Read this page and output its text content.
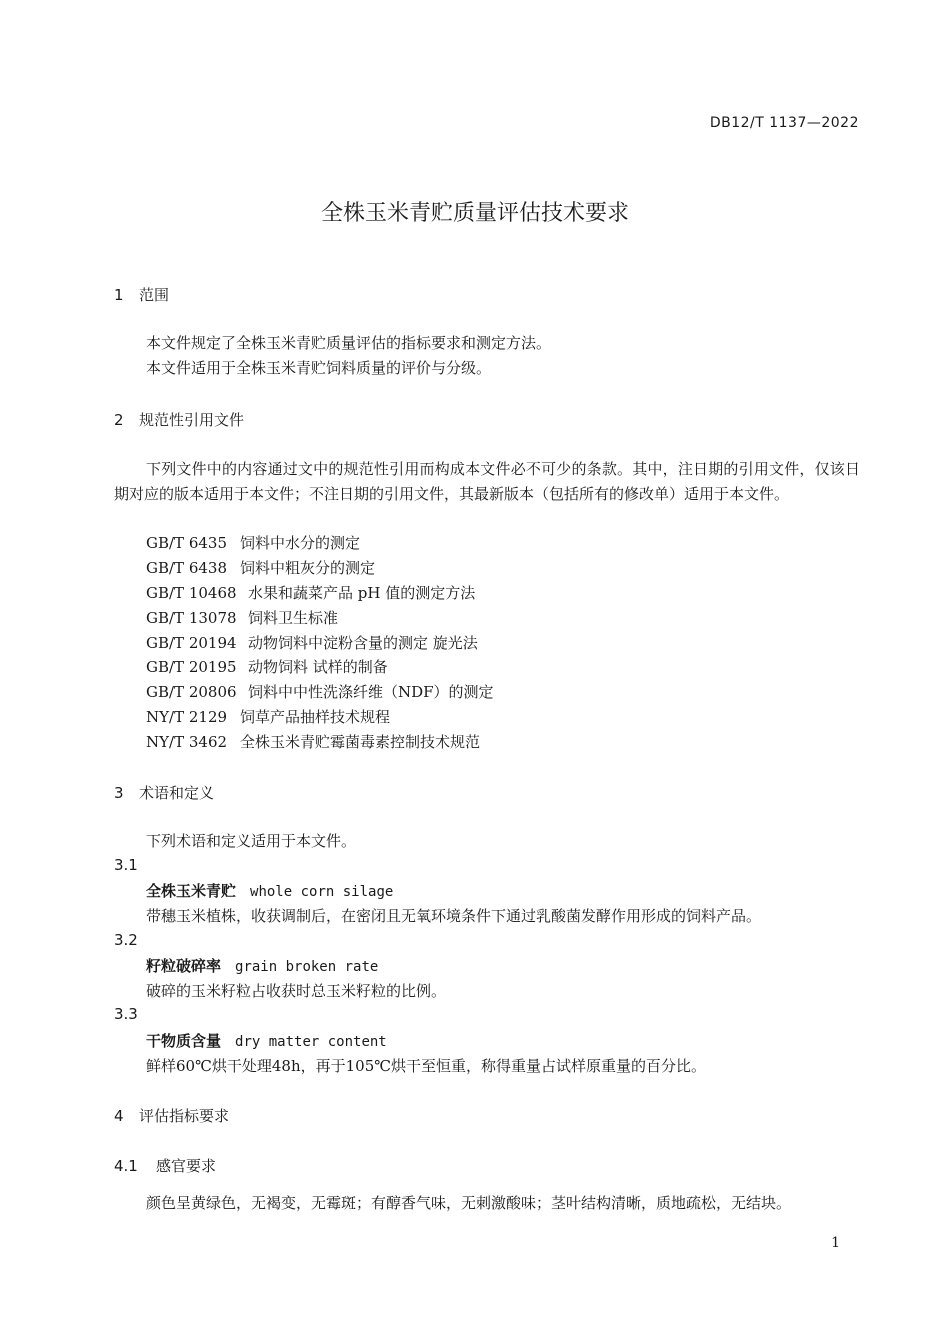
DB12/T 1137—2022
全株玉米青贮质量评估技术要求
1 范围
本文件规定了全株玉米青贮质量评估的指标要求和测定方法。
本文件适用于全株玉米青贮饲料质量的评价与分级。
2 规范性引用文件
下列文件中的内容通过文中的规范性引用而构成本文件必不可少的条款。其中，注日期的引用文件，仅该日期对应的版本适用于本文件；不注日期的引用文件，其最新版本（包括所有的修改单）适用于本文件。
GB/T 6435 饲料中水分的测定
GB/T 6438 饲料中粗灰分的测定
GB/T 10468 水果和蔬菜产品 pH 值的测定方法
GB/T 13078 饲料卫生标准
GB/T 20194 动物饲料中淀粉含量的测定 旋光法
GB/T 20195 动物饲料 试样的制备
GB/T 20806 饲料中中性洗涤纤维（NDF）的测定
NY/T 2129 饲草产品抽样技术规程
NY/T 3462 全株玉米青贮霉菌毒素控制技术规范
3 术语和定义
下列术语和定义适用于本文件。
3.1
全株玉米青贮 whole corn silage
带穗玉米植株，收获调制后，在密闭且无氧环境条件下通过乳酸菌发酵作用形成的饲料产品。
3.2
籽粒破碎率 grain broken rate
破碎的玉米籽粒占收获时总玉米籽粒的比例。
3.3
干物质含量 dry matter content
鲜样60℃烘干处理48h，再于105℃烘干至恒重，称得重量占试样原重量的百分比。
4 评估指标要求
4.1 感官要求
颜色呈黄绿色，无褐变，无霉斑；有醇香气味，无刺激酸味；茎叶结构清晰，质地疏松，无结块。
1
